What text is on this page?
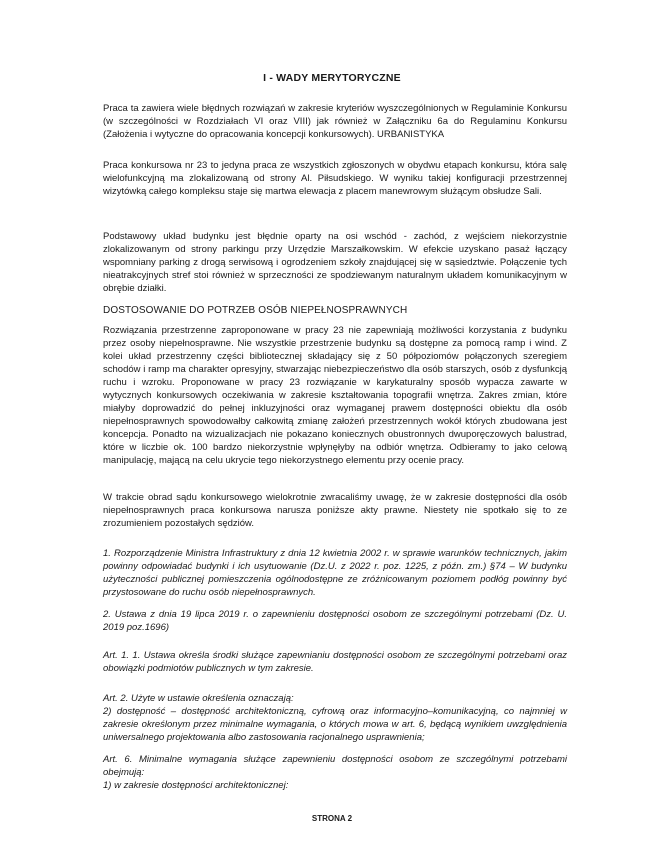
I - WADY MERYTORYCZNE

Praca ta zawiera wiele błędnych rozwiązań w zakresie kryteriów wyszczególnionych w Regulaminie Konkursu (w szczególności w Rozdziałach VI oraz VIII) jak również w Załączniku 6a do Regulaminu Konkursu (Założenia i wytyczne do opracowania koncepcji konkursowych). URBANISTYKA

Praca konkursowa nr 23 to jedyna praca ze wszystkich zgłoszonych w obydwu etapach konkursu, która salę wielofunkcyjną ma zlokalizowaną od strony Al. Piłsudskiego. W wyniku takiej konfiguracji przestrzennej wizytówką całego kompleksu staje się martwa elewacja z placem manewrowym służącym obsłudze Sali.

Podstawowy układ budynku jest błędnie oparty na osi wschód - zachód, z wejściem niekorzystnie zlokalizowanym od strony parkingu przy Urzędzie Marszałkowskim. W efekcie uzyskano pasaż łączący wspomniany parking z drogą serwisową i ogrodzeniem szkoły znajdującej się w sąsiedztwie. Połączenie tych nieatrakcyjnych stref stoi również w sprzeczności ze spodziewanym naturalnym układem komunikacyjnym w obrębie działki.

DOSTOSOWANIE DO POTRZEB OSÓB NIEPEŁNOSPRAWNYCH

Rozwiązania przestrzenne zaproponowane w pracy 23 nie zapewniają możliwości korzystania z budynku przez osoby niepełnosprawne. Nie wszystkie przestrzenie budynku są dostępne za pomocą ramp i wind. Z kolei układ przestrzenny części bibliotecznej składający się z 50 półpoziomów połączonych szeregiem schodów i ramp ma charakter opresyjny, stwarzając niebezpieczeństwo dla osób starszych, osób z dysfunkcją ruchu i wzroku. Proponowane w pracy 23 rozwiązanie w karykaturalny sposób wypacza zawarte w wytycznych konkursowych oczekiwania w zakresie kształtowania topografii wnętrza. Zakres zmian, które miałyby doprowadzić do pełnej inkluzyjności oraz wymaganej prawem dostępności obiektu dla osób niepełnosprawnych spowodowałby całkowitą zmianę założeń przestrzennych wokół których zbudowana jest koncepcja. Ponadto na wizualizacjach nie pokazano koniecznych obustronnych dwuporęczowych balustrad, które w liczbie ok. 100 bardzo niekorzystnie wpłynęłyby na odbiór wnętrza. Odbieramy to jako celową manipulację, mającą na celu ukrycie tego niekorzystnego elementu przy ocenie pracy.

W trakcie obrad sądu konkursowego wielokrotnie zwracaliśmy uwagę, że w zakresie dostępności dla osób niepełnosprawnych praca konkursowa narusza poniższe akty prawne. Niestety nie spotkało się to ze zrozumieniem pozostałych sędziów.

1. Rozporządzenie Ministra Infrastruktury z dnia 12 kwietnia 2002 r. w sprawie warunków technicznych, jakim powinny odpowiadać budynki i ich usytuowanie (Dz.U. z 2022 r. poz. 1225, z późn. zm.) §74 – W budynku użyteczności publicznej pomieszczenia ogólnodostępne ze zróżnicowanym poziomem podłóg powinny być przystosowane do ruchu osób niepełnosprawnych.

2. Ustawa z dnia 19 lipca 2019 r. o zapewnieniu dostępności osobom ze szczególnymi potrzebami (Dz. U. 2019 poz.1696)

Art. 1. 1. Ustawa określa środki służące zapewnianiu dostępności osobom ze szczególnymi potrzebami oraz obowiązki podmiotów publicznych w tym zakresie.

Art. 2. Użyte w ustawie określenia oznaczają:
2) dostępność – dostępność architektoniczną, cyfrową oraz informacyjno–komunikacyjną, co najmniej w zakresie określonym przez minimalne wymagania, o których mowa w art. 6, będącą wynikiem uwzględnienia uniwersalnego projektowania albo zastosowania racjonalnego usprawnienia;
Art. 6. Minimalne wymagania służące zapewnieniu dostępności osobom ze szczególnymi potrzebami obejmują:
1) w zakresie dostępności architektonicznej:
STRONA 2
